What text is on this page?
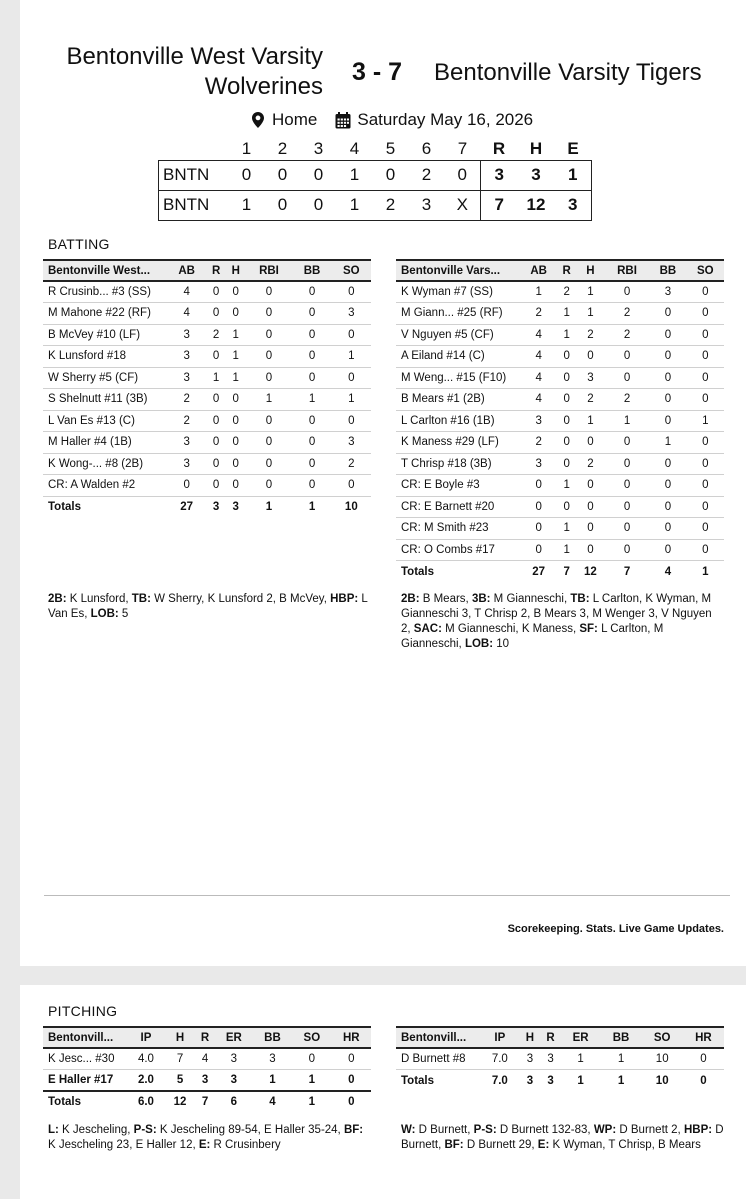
Bentonville West Varsity
Wolverines
3 - 7 Bentonville Varsity Tigers
Home Saturday May 16, 2026
	1	2	3	4	5	6	7	R	H	E
BNTN	0	0	0	1	0	2	0	3	3	1
BNTN	1	0	0	1	2	3	X	7	12	3
BATTING
Bentonville West...	AB	R	H	RBI	BB	SO
R Crusinb... #3 (SS)	4	0	0	0	0	0
M Mahone #22 (RF)	4	0	0	0	0	3
B McVey #10 (LF)	3	2	1	0	0	0
K Lunsford #18	3	0	1	0	0	1
W Sherry #5 (CF)	3	1	1	0	0	0
S Shelnutt #11 (3B)	2	0	0	1	1	1
L Van Es #13 (C)	2	0	0	0	0	0
M Haller #4 (1B)	3	0	0	0	0	3
K Wong-... #8 (2B)	3	0	0	0	0	2
CR: A Walden #2	0	0	0	0	0	0
Totals	27	3	3	1	1	10
Bentonville Vars...	AB	R	H	RBI	BB	SO
K Wyman #7 (SS)	1	2	1	0	3	0
M Giann... #25 (RF)	2	1	1	2	0	0
V Nguyen #5 (CF)	4	1	2	2	0	0
A Eiland #14 (C)	4	0	0	0	0	0
M Weng... #15 (F10)	4	0	3	0	0	0
B Mears #1 (2B)	4	0	2	2	0	0
L Carlton #16 (1B)	3	0	1	1	0	1
K Maness #29 (LF)	2	0	0	0	1	0
T Chrisp #18 (3B)	3	0	2	0	0	0
CR: E Boyle #3	0	1	0	0	0	0
CR: E Barnett #20	0	0	0	0	0	0
CR: M Smith #23	0	1	0	0	0	0
CR: O Combs #17	0	1	0	0	0	0
Totals	27	7	12	7	4	1
2B: K Lunsford, TB: W Sherry, K Lunsford 2, B McVey, HBP: L Van Es, LOB: 5
2B: B Mears, 3B: M Gianneschi, TB: L Carlton, K Wyman, M Gianneschi 3, T Chrisp 2, B Mears 3, M Wenger 3, V Nguyen 2, SAC: M Gianneschi, K Maness, SF: L Carlton, M Gianneschi, LOB: 10
Scorekeeping. Stats. Live Game Updates.
PITCHING
Bentonvill...	IP	H	R	ER	BB	SO	HR
K Jesc... #30	4.0	7	4	3	3	0	0
E Haller #17	2.0	5	3	3	1	1	0
Totals	6.0	12	7	6	4	1	0
Bentonvill...	IP	H	R	ER	BB	SO	HR
D Burnett #8	7.0	3	3	1	1	10	0
Totals	7.0	3	3	1	1	10	0
L: K Jescheling, P-S: K Jescheling 89-54, E Haller 35-24, BF: K Jescheling 23, E Haller 12, E: R Crusinbery
W: D Burnett, P-S: D Burnett 132-83, WP: D Burnett 2, HBP: D Burnett, BF: D Burnett 29, E: K Wyman, T Chrisp, B Mears
